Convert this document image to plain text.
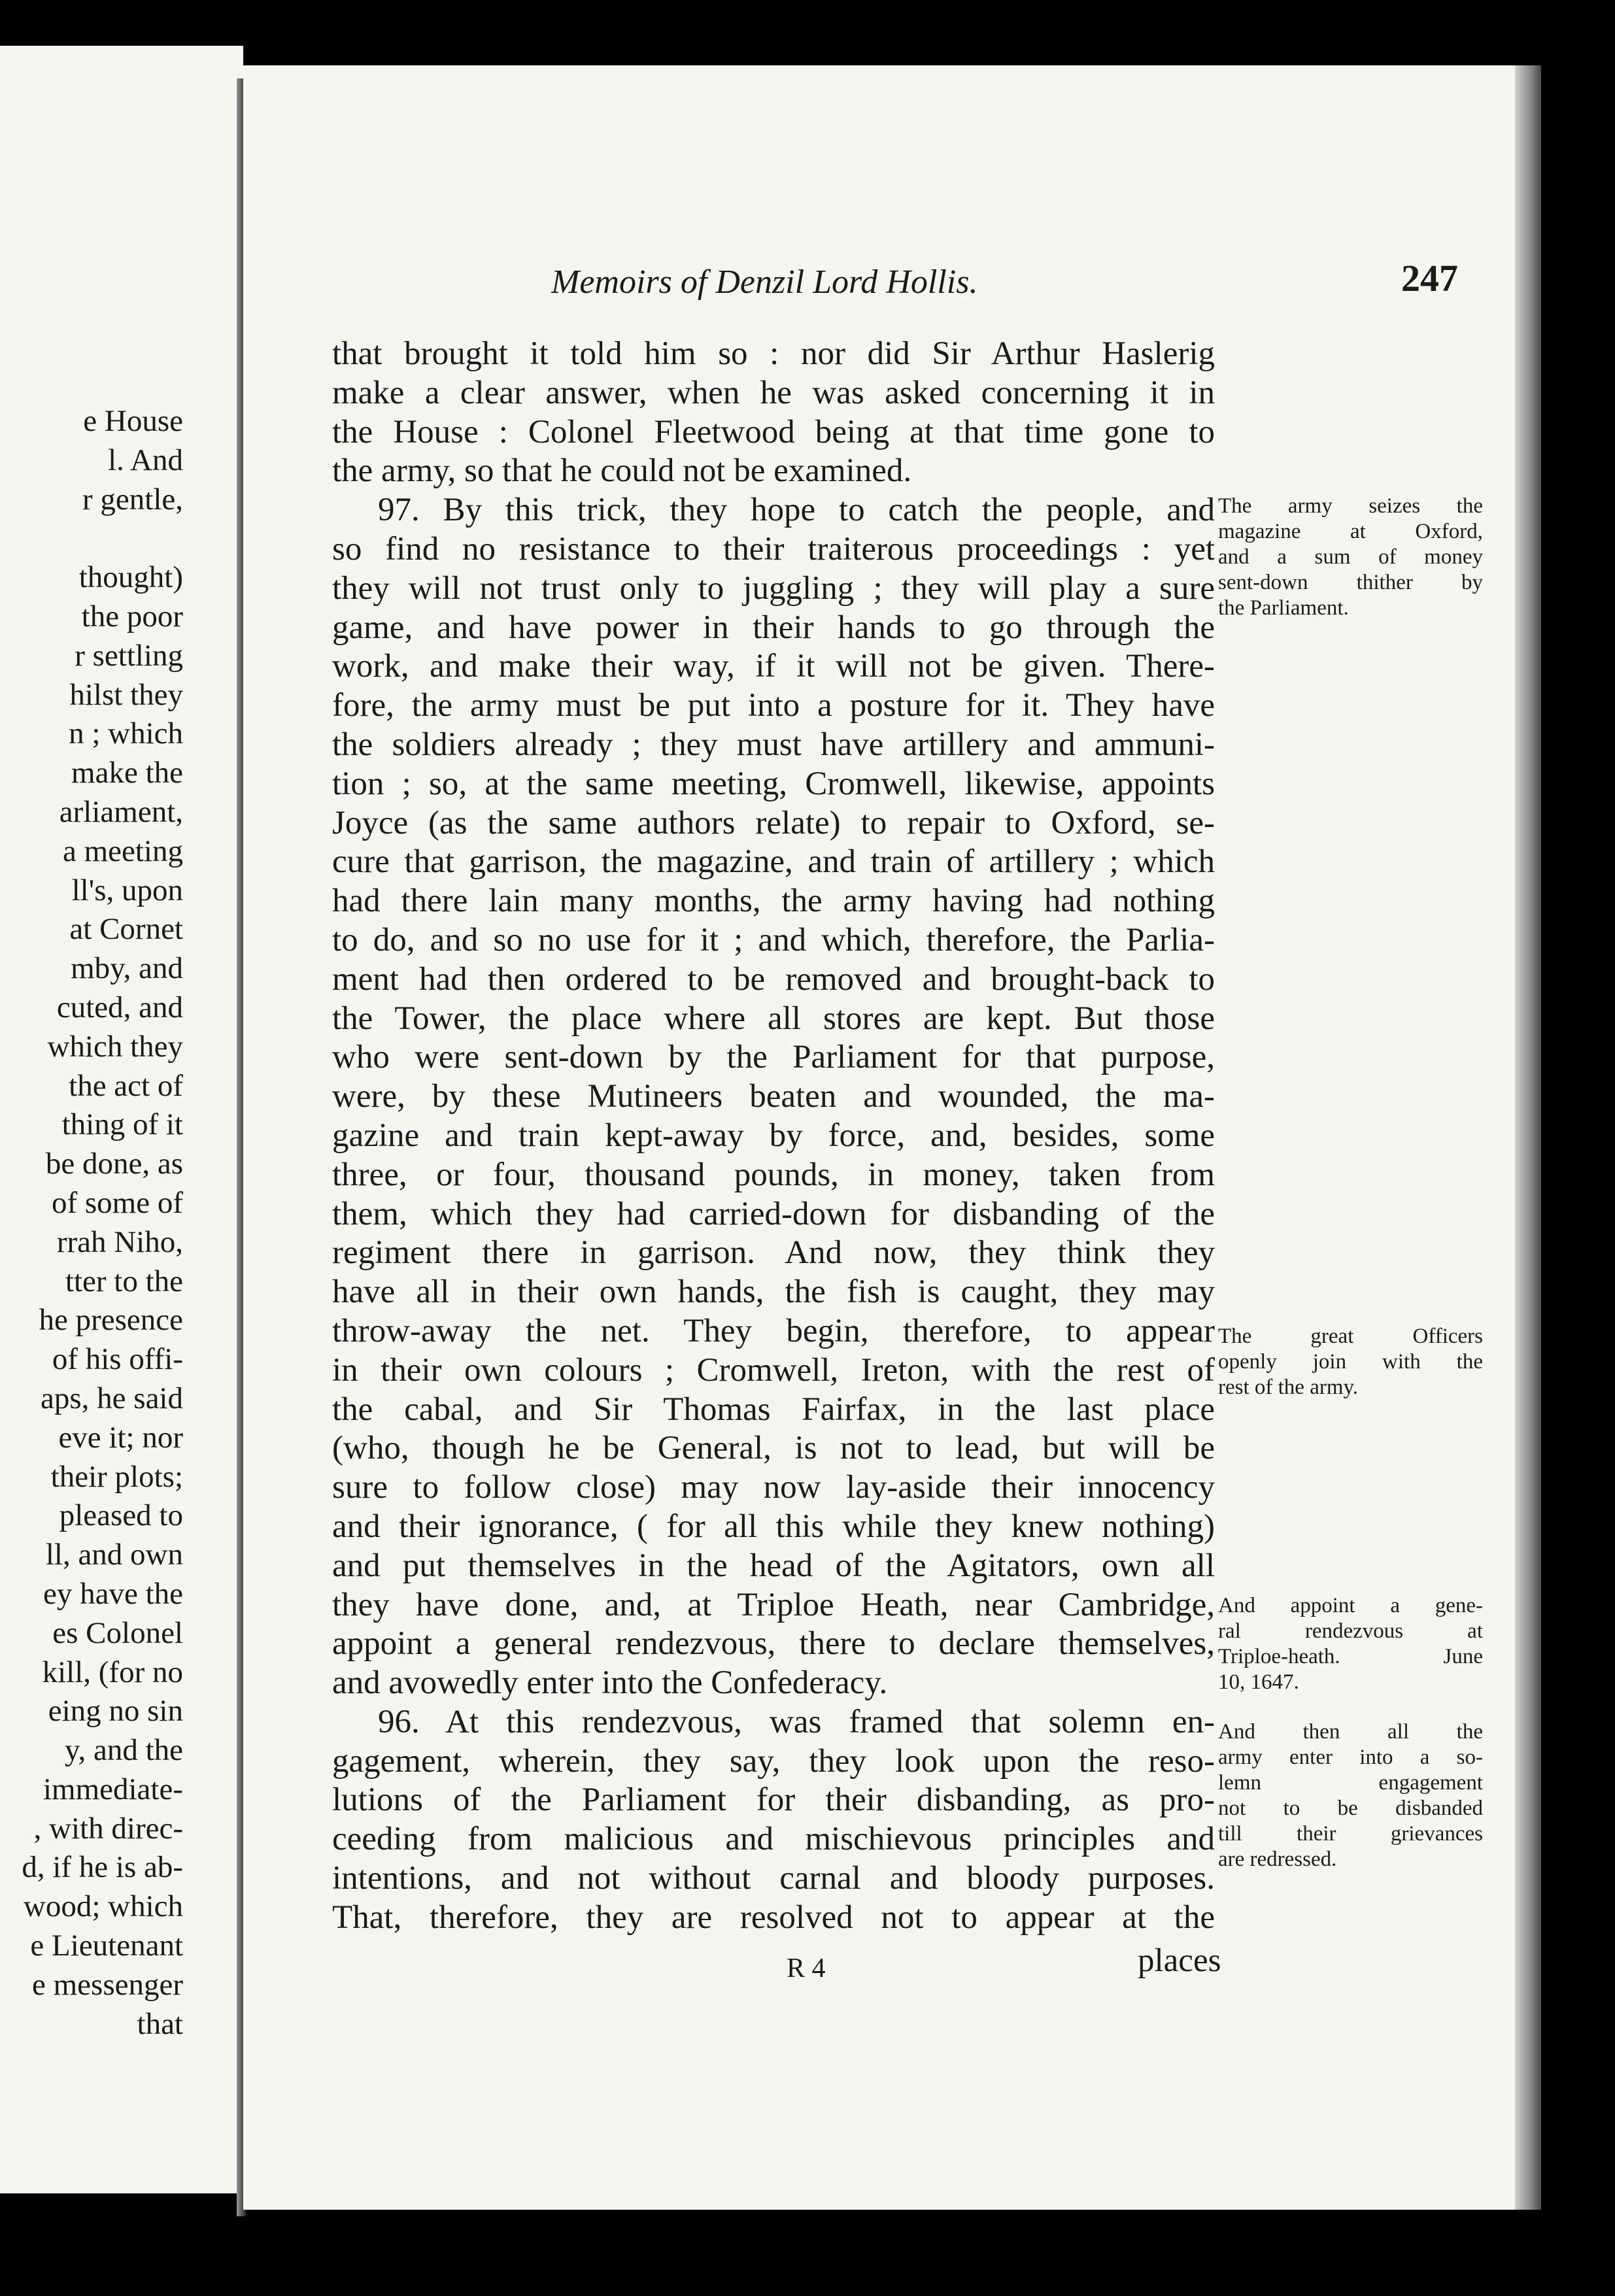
e House
l. And
r gentle,

thought)
the poor
r settling
hilst they
n ; which
make the
arliament,
a meeting
ll's, upon
at Cornet
mby, and
cuted, and
which they
the act of
thing of it
be done, as
of some of
rrah Niho,
tter to the
he presence
of his offi-
aps, he said
eve it; nor
their plots;
pleased to
ll, and own
ey have the
es Colonel
kill, (for no
eing no sin
y, and the
immediate-
, with direc-
d, if he is ab-
wood; which
e Lieutenant
e messenger
that
Memoirs of Denzil Lord Hollis.	247
that brought it told him so : nor did Sir Arthur Haslerig
make a clear answer, when he was asked concerning it in
the House : Colonel Fleetwood being at that time gone to
the army, so that he could not be examined.
97. By this trick, they hope to catch the people, and
so find no resistance to their traiterous proceedings : yet
they will not trust only to juggling ; they will play a sure
game, and have power in their hands to go through the
work, and make their way, if it will not be given. There-
fore, the army must be put into a posture for it. They have
the soldiers already ; they must have artillery and ammuni-
tion ; so, at the same meeting, Cromwell, likewise, appoints
Joyce (as the same authors relate) to repair to Oxford, se-
cure that garrison, the magazine, and train of artillery ; which
had there lain many months, the army having had nothing
to do, and so no use for it ; and which, therefore, the Parlia-
ment had then ordered to be removed and brought-back to
the Tower, the place where all stores are kept. But those
who were sent-down by the Parliament for that purpose,
were, by these Mutineers beaten and wounded, the ma-
gazine and train kept-away by force, and, besides, some
three, or four, thousand pounds, in money, taken from
them, which they had carried-down for disbanding of the
regiment there in garrison. And now, they think they
have all in their own hands, the fish is caught, they may
throw-away the net. They begin, therefore, to appear
in their own colours ; Cromwell, Ireton, with the rest of
the cabal, and Sir Thomas Fairfax, in the last place
(who, though he be General, is not to lead, but will be
sure to follow close) may now lay-aside their innocency
and their ignorance, ( for all this while they knew nothing)
and put themselves in the head of the Agitators, own all
they have done, and, at Triploe Heath, near Cambridge,
appoint a general rendezvous, there to declare themselves,
and avowedly enter into the Confederacy.
96. At this rendezvous, was framed that solemn en-
gagement, wherein, they say, they look upon the reso-
lutions of the Parliament for their disbanding, as pro-
ceeding from malicious and mischievous principles and
intentions, and not without carnal and bloody purposes.
That, therefore, they are resolved not to appear at the
The army seizes the
magazine at Oxford,
and a sum of money
sent-down thither by
the Parliament.
The great Officers
openly join with the
rest of the army.
And appoint a gene-
ral rendezvous at
Triploe-heath. June
10, 1647.
And then all the
army enter into a so-
lemn engagement
not to be disbanded
till their grievances
are redressed.
R 4	places
